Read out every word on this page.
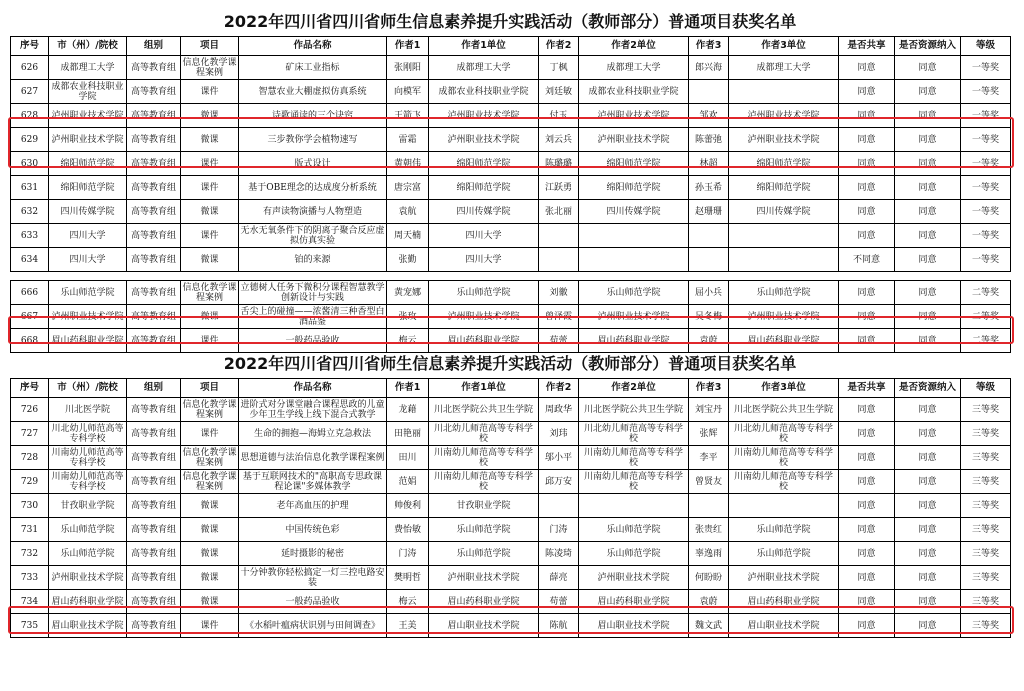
2022年四川省四川省师生信息素养提升实践活动（教师部分）普通项目获奖名单
序号	市（州）/院校	组别	项目	作品名称	作者1	作者1单位	作者2	作者2单位	作者3	作者3单位	是否共享	是否资源纳入	等级
626	成都理工大学	高等教育组	信息化教学课程案例	矿床工业指标	张刚阳	成都理工大学	丁枫	成都理工大学	郎兴海	成都理工大学	同意	同意	一等奖
627	成都农业科技职业学院	高等教育组	课件	智慧农业大棚虚拟仿真系统	向模军	成都农业科技职业学院	刘廷敏	成都农业科技职业学院			同意	同意	一等奖
628	泸州职业技术学院	高等教育组	微课	诗歌诵读的三个诀窍	王箭飞	泸州职业技术学院	付玉	泸州职业技术学院	邹欢	泸州职业技术学院	同意	同意	一等奖
629	泸州职业技术学院	高等教育组	微课	三步教你学会植物速写	雷霜	泸州职业技术学院	刘云兵	泸州职业技术学院	陈蕾弛	泸州职业技术学院	同意	同意	一等奖
630	绵阳师范学院	高等教育组	课件	版式设计	黄朝伟	绵阳师范学院	陈璐璐	绵阳师范学院	林超	绵阳师范学院	同意	同意	一等奖
631	绵阳师范学院	高等教育组	课件	基于OBE理念的达成度分析系统	唐宗富	绵阳师范学院	江跃勇	绵阳师范学院	孙玉希	绵阳师范学院	同意	同意	一等奖
632	四川传媒学院	高等教育组	微课	有声读物演播与人物塑造	袁航	四川传媒学院	张北丽	四川传媒学院	赵珊珊	四川传媒学院	同意	同意	一等奖
633	四川大学	高等教育组	课件	无水无氧条件下的阴离子聚合反应虚拟仿真实验	周天楠	四川大学					同意	同意	一等奖
634	四川大学	高等教育组	微课	铂的来源	张勤	四川大学					不同意	同意	一等奖

666	乐山师范学院	高等教育组	信息化教学课程案例	立德树人任务下微积分课程智慧教学创新设计与实践	黄宠娜	乐山师范学院	刘徽	乐山师范学院	屈小兵	乐山师范学院	同意	同意	二等奖
667	泸州职业技术学院	高等教育组	微课	舌尖上的碰撞——浓酱清三种香型白酒品鉴	张玫	泸州职业技术学院	曾泽霞	泸州职业技术学院	吴冬梅	泸州职业技术学院	同意	同意	二等奖
668	眉山药科职业学院	高等教育组	课件	一般药品验收	梅云	眉山药科职业学院	苟蕾	眉山药科职业学院	袁蔚	眉山药科职业学院	同意	同意	二等奖
2022年四川省四川省师生信息素养提升实践活动（教师部分）普通项目获奖名单
序号	市（州）/院校	组别	项目	作品名称	作者1	作者1单位	作者2	作者2单位	作者3	作者3单位	是否共享	是否资源纳入	等级
726	川北医学院	高等教育组	信息化教学课程案例	进阶式对分课堂融合课程思政的儿童少年卫生学线上线下混合式教学	龙藉	川北医学院公共卫生学院	周政华	川北医学院公共卫生学院	刘宝丹	川北医学院公共卫生学院	同意	同意	三等奖
727	川北幼儿师范高等专科学校	高等教育组	课件	生命的拥抱—海姆立克急救法	田艳丽	川北幼儿师范高等专科学校	刘玮	川北幼儿师范高等专科学校	张辉	川北幼儿师范高等专科学校	同意	同意	三等奖
728	川南幼儿师范高等专科学校	高等教育组	信息化教学课程案例	思想道德与法治信息化教学课程案例	田川	川南幼儿师范高等专科学校	邬小平	川南幼儿师范高等专科学校	李平	川南幼儿师范高等专科学校	同意	同意	三等奖
729	川南幼儿师范高等专科学校	高等教育组	信息化教学课程案例	基于互联网技术的"高职高专思政课程论课"多媒体教学	范娟	川南幼儿师范高等专科学校	邱万安	川南幼儿师范高等专科学校	曾贤友	川南幼儿师范高等专科学校	同意	同意	三等奖
730	甘孜职业学院	高等教育组	微课	老年高血压的护理	帅俊利	甘孜职业学院					同意	同意	三等奖
731	乐山师范学院	高等教育组	微课	中国传统色彩	费怡敏	乐山师范学院	门涛	乐山师范学院	张贵红	乐山师范学院	同意	同意	三等奖
732	乐山师范学院	高等教育组	微课	延时摄影的秘密	门涛	乐山师范学院	陈凌琦	乐山师范学院	辜逸雨	乐山师范学院	同意	同意	三等奖
733	泸州职业技术学院	高等教育组	微课	十分钟教你轻松搞定一灯三控电路安装	樊明哲	泸州职业技术学院	薛亮	泸州职业技术学院	何盼盼	泸州职业技术学院	同意	同意	三等奖
734	眉山药科职业学院	高等教育组	微课	一般药品验收	梅云	眉山药科职业学院	苟蕾	眉山药科职业学院	袁蔚	眉山药科职业学院	同意	同意	三等奖
735	眉山职业技术学院	高等教育组	课件	《水稻叶瘟病状识别与田间调查》	王美	眉山职业技术学院	陈航	眉山职业技术学院	魏文武	眉山职业技术学院	同意	同意	三等奖
